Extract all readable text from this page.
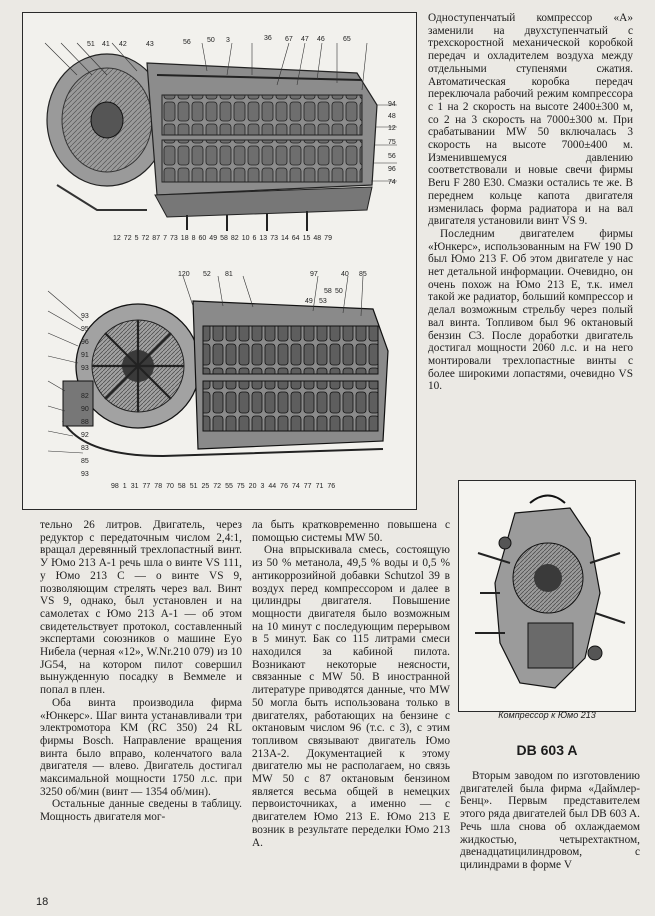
51 41 42	43	56 50 3	36 67 47 46	65
94
48
12
75
56
96
74
12 72 5 72 87 7 73 18 8 60 49 58 82 10 6 13 73 14 64 15 48 79
120 52 81	97	40 85
49 53
58 50
93
95
96
91
93
82
90
88
92
83
85
93
98 1 31 77 78 70 58 51 25 72 55 75 20 3 44 76 74 77 71 76

Одноступенчатый компрессор «А» заменили на двухступенчатый с трехскоростной механической коробкой передач и охладителем воздуха между отдельными ступенями сжатия. Автоматическая коробка передач переключала рабочий режим компрессора с 1 на 2 скорость на высоте 2400±300 м, со 2 на 3 скорость на 7000±300 м. При срабатывании MW 50 включалась 3 скорость на высоте 7000±400 м. Изменившемуся давлению соответствовали и новые свечи фирмы Beru F 280 E30. Смазки остались те же. В переднем кольце капота двигателя изменилась форма радиатора и на вал двигателя установили винт VS 9.

Последним двигателем фирмы «Юнкерс», использованным на FW 190 D был Юмо 213 F. Об этом двигателе у нас нет детальной информации. Очевидно, он очень похож на Юмо 213 E, т.к. имел такой же радиатор, больший компрессор и делал возможным стрельбу через полый вал винта. Топливом был 96 октановый бензин С3. После доработки двигатель достигал мощности 2060 л.с. и на него монтировали трехлопастные винты с более широкими лопастями, очевидно VS 10.

тельно 26 литров. Двигатель, через редуктор с передаточным числом 2,4:1, вращал деревянный трехлопастный винт. У Юмо 213 А-1 речь шла о винте VS 111, у Юмо 213 С — о винте VS 9, позволяющим стрелять через вал. Винт VS 9, однако, был установлен и на самолетах с Юмо 213 А-1 — об этом свидетельствует протокол, составленный экспертами союзников о машине Eyo Нибела (черная «12», W.Nr.210 079) из 10 JG54, на котором пилот совершил вынужденную посадку в Веммеле и попал в плен.

Оба винта производила фирма «Юнкерс». Шаг винта устанавливали три электромотора KM (RC 350) 24 RL фирмы Bosch. Направление вращения винта было вправо, коленчатого вала двигателя — влево. Двигатель достигал максимальной мощности 1750 л.с. при 3250 об/мин (винт — 1354 об/мин).

Остальные данные сведены в таблицу. Мощность двигателя мог-

ла быть кратковременно повышена с помощью системы MW 50.

Она впрыскивала смесь, состоящую из 50 % метанола, 49,5 % воды и 0,5 % антикоррозийной добавки Schutzol 39 в воздух перед компрессором и далее в цилиндры двигателя. Повышение мощности двигателя было возможным на 10 минут с последующим перерывом в 5 минут. Бак со 115 литрами смеси находился за кабиной пилота. Возникают некоторые неясности, связанные с MW 50. В иностранной литературе приводятся данные, что MW 50 могла быть использована только в двигателях, работающих на бензине с октановым числом 96 (т.с. с 3), с этим топливом связывают двигатель Юмо 213А-2. Документацией к этому двигателю мы не располагаем, но связь MW 50 с 87 октановым бензином является весьма общей в немецких первоисточниках, а именно — с двигателем Юмо 213 E. Юмо 213 E возник в результате переделки Юмо 213 A.

Компрессор к Юмо 213
DB 603 A

Вторым заводом по изготовлению двигателей была фирма «Даймлер-Бенц». Первым представителем этого ряда двигателей был DB 603 A. Речь шла снова об охлаждаемом жидкостью, четырехтактном, двенадцатицилиндровом, с цилиндрами в форме V

18
